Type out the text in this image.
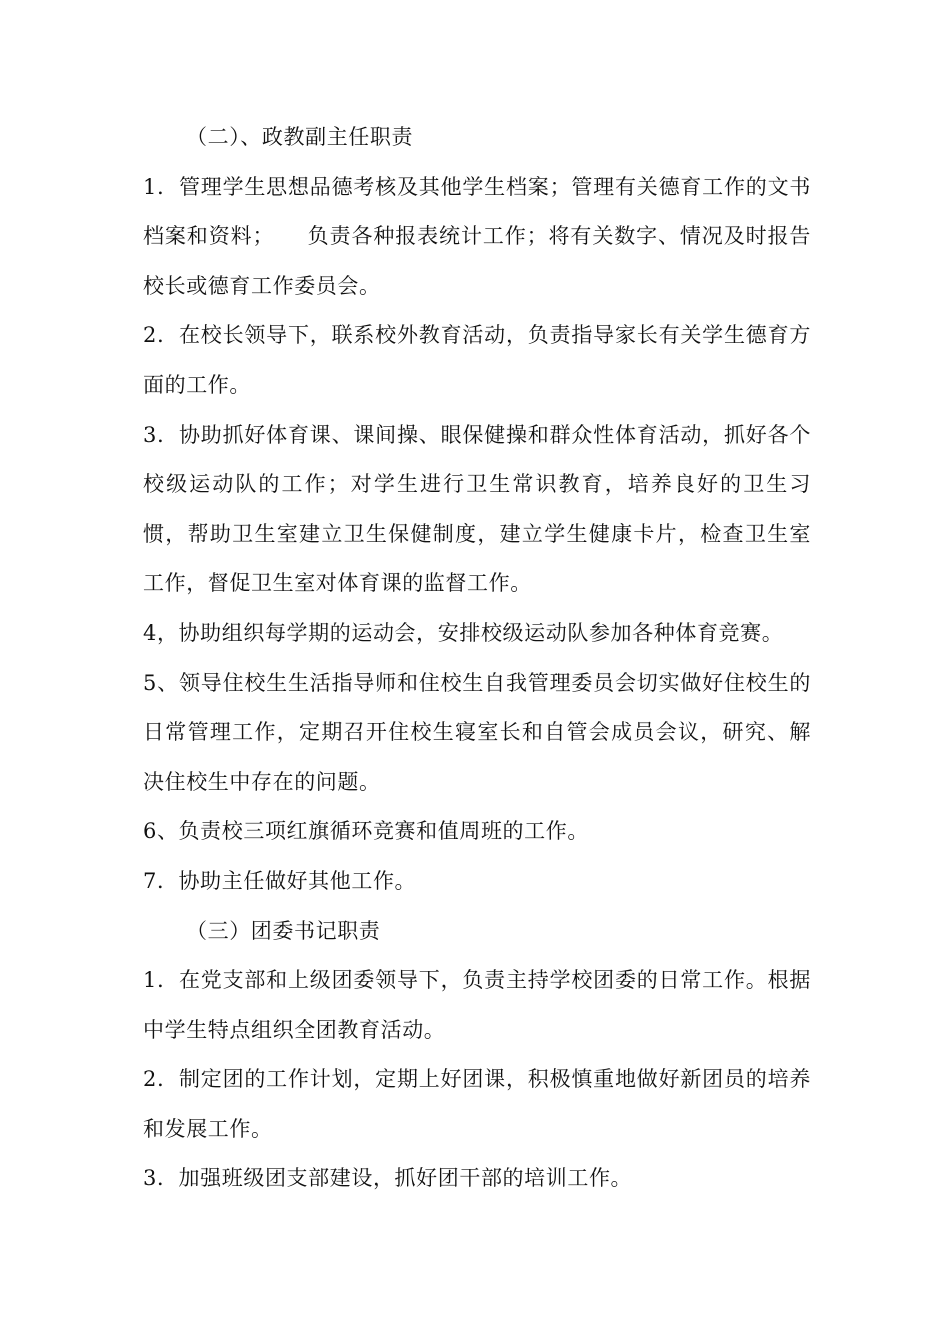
（二）、政教副主任职责

1．管理学生思想品德考核及其他学生档案；管理有关德育工作的文书档案和资料；　　负责各种报表统计工作；将有关数字、情况及时报告校长或德育工作委员会。

2．在校长领导下，联系校外教育活动，负责指导家长有关学生德育方面的工作。

3．协助抓好体育课、课间操、眼保健操和群众性体育活动，抓好各个校级运动队的工作；对学生进行卫生常识教育，培养良好的卫生习惯，帮助卫生室建立卫生保健制度，建立学生健康卡片，检查卫生室工作，督促卫生室对体育课的监督工作。

4，协助组织每学期的运动会，安排校级运动队参加各种体育竞赛。

5、领导住校生生活指导师和住校生自我管理委员会切实做好住校生的日常管理工作，定期召开住校生寝室长和自管会成员会议，研究、解决住校生中存在的问题。

6、负责校三项红旗循环竞赛和值周班的工作。

7．协助主任做好其他工作。

（三）团委书记职责

1．在党支部和上级团委领导下，负责主持学校团委的日常工作。根据中学生特点组织全团教育活动。

2．制定团的工作计划，定期上好团课，积极慎重地做好新团员的培养和发展工作。

3．加强班级团支部建设，抓好团干部的培训工作。
